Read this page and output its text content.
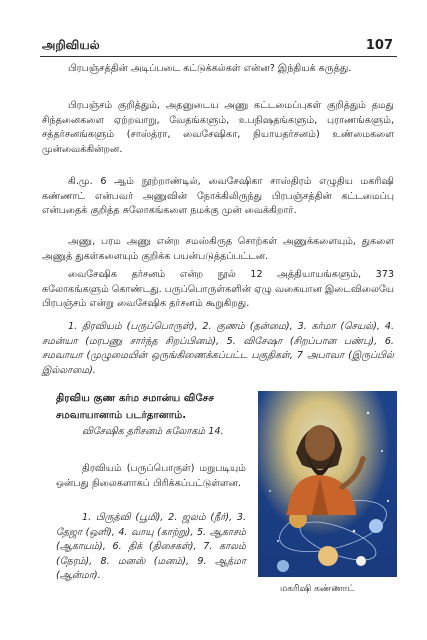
அறிவியல்	107
பிரபஞ்சத்தின் அடிப்படை கட்டுக்கல்கள் என்ன? இந்தியக் கருத்து.
பிரபஞ்சம் குறித்தும், அதனுடைய அணு கட்டமைப்புகள் குறித்தும் தமது சிந்தனைகளை ஏற்றவாறு, வேதங்களும், உபநிஷதங்களும், புராணங்களும், சத்தர்சனங்களும் (சாஸ்த்ரா, வைசேஷிகா, நியாயதர்சனம்) உண்மைகளை முன்வைக்கின்றன.
கி.மு. 6 ஆம் நூற்றாண்டில், வைசேஷிகா சாஸ்திரம் எழுதிய மகரிஷி கண்ணாட் என்பவர் அணுவின் நோக்கிலிருந்து பிரபஞ்சத்தின் கட்டமைப்பு என்பதைக் குறித்த சுலோகங்களை நமக்கு முன் வைக்கிறார்.
அணு, பரம அணு என்ற சமஸ்கிருத சொற்கள் அணுக்களையும், துகளை அணுத் துகள்களையும் குறிக்க பயன்படுத்தப்பட்டன.
வைசேஷிக தர்சனம் என்ற நூல் 12 அத்தியாயங்களும், 373 சுலோகங்களும் கொண்டது. பருப்பொருள்களின் ஏழு வகையான இடைவிலையே பிரபஞ்சம் என்று வைசேஷிக தர்சனம் கூறுகிறது.
1. திரவியம் (பருப்பொருள்), 2. குணம் (தன்மை), 3. கர்மா (செயல்), 4. சமன்யா (மரபணு சார்ந்த சிறப்பினம்), 5. விசேஷா (சிறப்பான பண்பு), 6. சமவாயா (முழுமையின் ஒருங்கிணைக்கப்பட்ட பகுதிகள், 7 அபாவா (இருப்பில் இல்லாமை).
திரவிய குண கர்ம சமான்ய விசேச சமவாயானாம் படர்தானாம்.
விசேஷிக தரிசனம் சுலோகம் 14.
திரவியம் (பருப்பொருள்) மறுபடியும் ஒன்பது நிலைகளாகப் பிரிக்கப்பட்டுள்ளன.
1. பிருத்வி (பூமி), 2. ஜலம் (நீர்), 3. தேஜா (ஒளி), 4. வாயு (காற்று), 5. ஆகாசம் (ஆகாயம்), 6. திக் (திசைகள்), 7. காலம் (நேரம்), 8. மனஸ் (மனம்), 9. ஆத்மா (ஆன்மா).
மகரிஷி கண்ணாட்
